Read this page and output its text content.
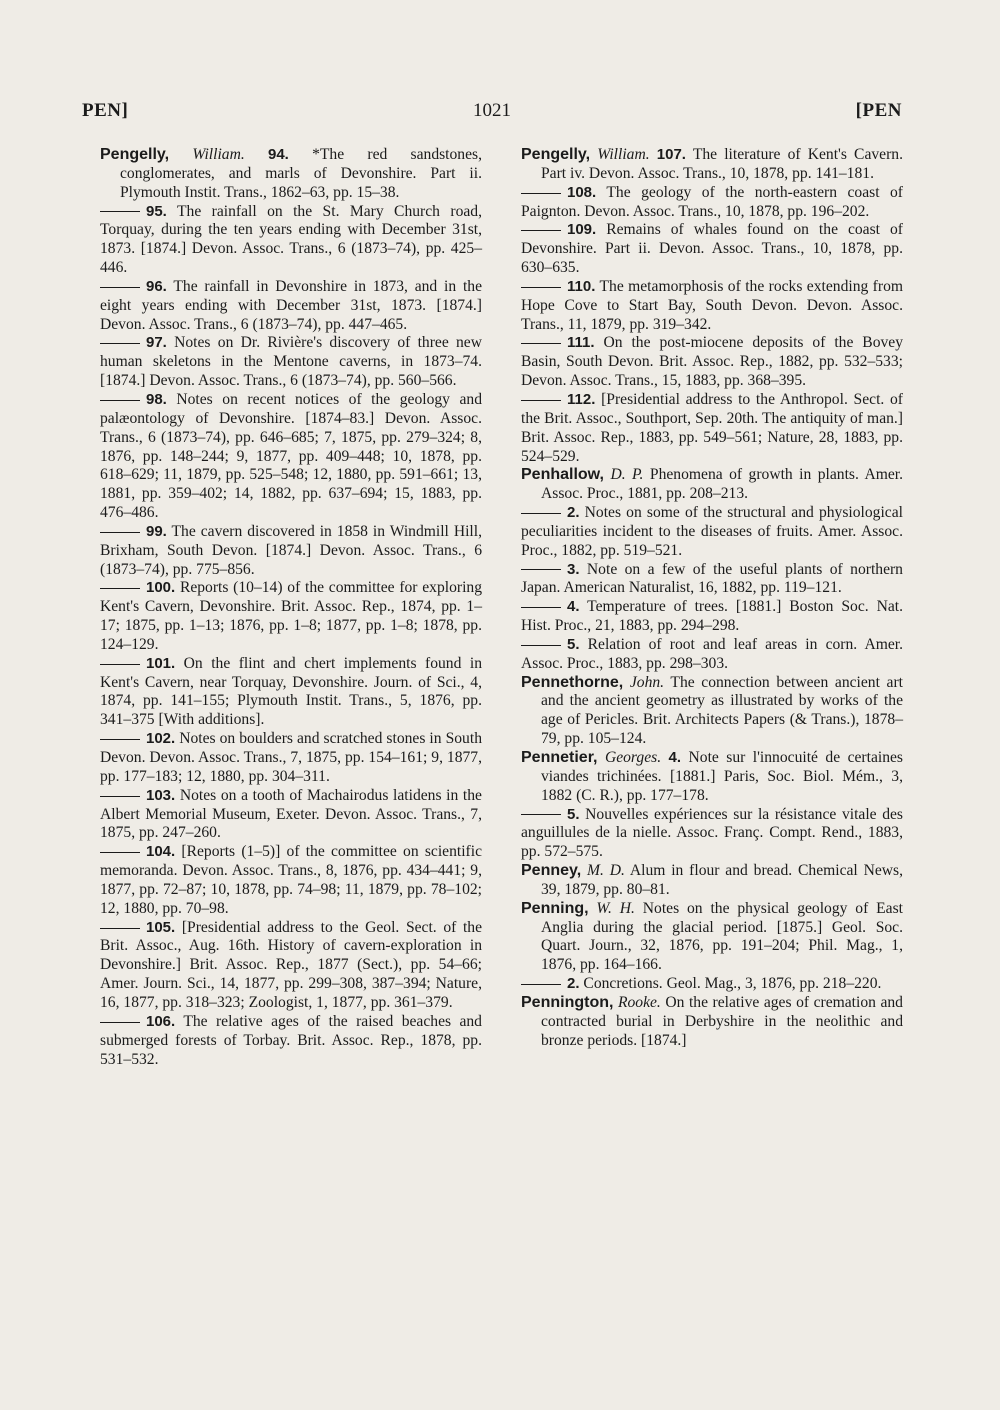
PEN]	1021	[PEN

Pengelly, William. 94. *The red sandstones, conglomerates, and marls of Devonshire. Part ii. Plymouth Instit. Trans., 1862–63, pp. 15–38.

95. The rainfall on the St. Mary Church road, Torquay, during the ten years ending with December 31st, 1873. [1874.] Devon. Assoc. Trans., 6 (1873–74), pp. 425–446.

96. The rainfall in Devonshire in 1873, and in the eight years ending with December 31st, 1873. [1874.] Devon. Assoc. Trans., 6 (1873–74), pp. 447–465.

97. Notes on Dr. Rivière's discovery of three new human skeletons in the Mentone caverns, in 1873–74. [1874.] Devon. Assoc. Trans., 6 (1873–74), pp. 560–566.

98. Notes on recent notices of the geology and palæontology of Devonshire. [1874–83.] Devon. Assoc. Trans., 6 (1873–74), pp. 646–685; 7, 1875, pp. 279–324; 8, 1876, pp. 148–244; 9, 1877, pp. 409–448; 10, 1878, pp. 618–629; 11, 1879, pp. 525–548; 12, 1880, pp. 591–661; 13, 1881, pp. 359–402; 14, 1882, pp. 637–694; 15, 1883, pp. 476–486.

99. The cavern discovered in 1858 in Windmill Hill, Brixham, South Devon. [1874.] Devon. Assoc. Trans., 6 (1873–74), pp. 775–856.

100. Reports (10–14) of the committee for exploring Kent's Cavern, Devonshire. Brit. Assoc. Rep., 1874, pp. 1–17; 1875, pp. 1–13; 1876, pp. 1–8; 1877, pp. 1–8; 1878, pp. 124–129.

101. On the flint and chert implements found in Kent's Cavern, near Torquay, Devonshire. Journ. of Sci., 4, 1874, pp. 141–155; Plymouth Instit. Trans., 5, 1876, pp. 341–375 [With additions].

102. Notes on boulders and scratched stones in South Devon. Devon. Assoc. Trans., 7, 1875, pp. 154–161; 9, 1877, pp. 177–183; 12, 1880, pp. 304–311.

103. Notes on a tooth of Machairodus latidens in the Albert Memorial Museum, Exeter. Devon. Assoc. Trans., 7, 1875, pp. 247–260.

104. [Reports (1–5)] of the committee on scientific memoranda. Devon. Assoc. Trans., 8, 1876, pp. 434–441; 9, 1877, pp. 72–87; 10, 1878, pp. 74–98; 11, 1879, pp. 78–102; 12, 1880, pp. 70–98.

105. [Presidential address to the Geol. Sect. of the Brit. Assoc., Aug. 16th. History of cavern-exploration in Devonshire.] Brit. Assoc. Rep., 1877 (Sect.), pp. 54–66; Amer. Journ. Sci., 14, 1877, pp. 299–308, 387–394; Nature, 16, 1877, pp. 318–323; Zoologist, 1, 1877, pp. 361–379.

106. The relative ages of the raised beaches and submerged forests of Torbay. Brit. Assoc. Rep., 1878, pp. 531–532.

Pengelly, William. 107. The literature of Kent's Cavern. Part iv. Devon. Assoc. Trans., 10, 1878, pp. 141–181.

108. The geology of the north-eastern coast of Paignton. Devon. Assoc. Trans., 10, 1878, pp. 196–202.

109. Remains of whales found on the coast of Devonshire. Part ii. Devon. Assoc. Trans., 10, 1878, pp. 630–635.

110. The metamorphosis of the rocks extending from Hope Cove to Start Bay, South Devon. Devon. Assoc. Trans., 11, 1879, pp. 319–342.

111. On the post-miocene deposits of the Bovey Basin, South Devon. Brit. Assoc. Rep., 1882, pp. 532–533; Devon. Assoc. Trans., 15, 1883, pp. 368–395.

112. [Presidential address to the Anthropol. Sect. of the Brit. Assoc., Southport, Sep. 20th. The antiquity of man.] Brit. Assoc. Rep., 1883, pp. 549–561; Nature, 28, 1883, pp. 524–529.

Penhallow, D. P. Phenomena of growth in plants. Amer. Assoc. Proc., 1881, pp. 208–213.

2. Notes on some of the structural and physiological peculiarities incident to the diseases of fruits. Amer. Assoc. Proc., 1882, pp. 519–521.

3. Note on a few of the useful plants of northern Japan. American Naturalist, 16, 1882, pp. 119–121.

4. Temperature of trees. [1881.] Boston Soc. Nat. Hist. Proc., 21, 1883, pp. 294–298.

5. Relation of root and leaf areas in corn. Amer. Assoc. Proc., 1883, pp. 298–303.

Pennethorne, John. The connection between ancient art and the ancient geometry as illustrated by works of the age of Pericles. Brit. Architects Papers (& Trans.), 1878–79, pp. 105–124.

Pennetier, Georges. 4. Note sur l'innocuité de certaines viandes trichinées. [1881.] Paris, Soc. Biol. Mém., 3, 1882 (C. R.), pp. 177–178.

5. Nouvelles expériences sur la résistance vitale des anguillules de la nielle. Assoc. Franç. Compt. Rend., 1883, pp. 572–575.

Penney, M. D. Alum in flour and bread. Chemical News, 39, 1879, pp. 80–81.

Penning, W. H. Notes on the physical geology of East Anglia during the glacial period. [1875.] Geol. Soc. Quart. Journ., 32, 1876, pp. 191–204; Phil. Mag., 1, 1876, pp. 164–166.

2. Concretions. Geol. Mag., 3, 1876, pp. 218–220.

Pennington, Rooke. On the relative ages of cremation and contracted burial in Derbyshire in the neolithic and bronze periods. [1874.]
